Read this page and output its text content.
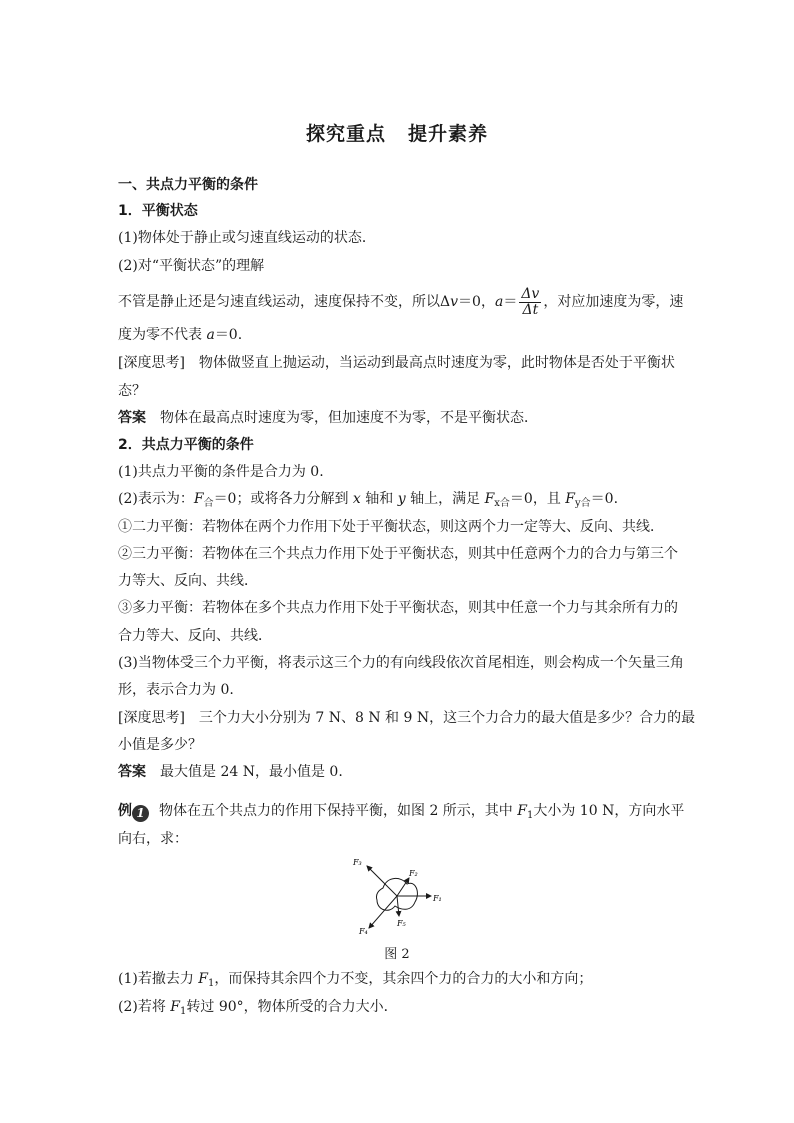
探究重点 提升素养
一、共点力平衡的条件
1．平衡状态
(1)物体处于静止或匀速直线运动的状态．
(2)对“平衡状态”的理解
不管是静止还是匀速直线运动，速度保持不变，所以Δv＝0，$a= \frac{\Delta v}{\Delta t}$ ，对应加速度为零，速
度为零不代表 a＝0.
[深度思考]　物体做竖直上抛运动，当运动到最高点时速度为零，此时物体是否处于平衡状
态？
答案　 物体在最高点时速度为零，但加速度不为零，不是平衡状态．
2．共点力平衡的条件
(1)共点力平衡的条件是合力为 0.
(2)表示为：$F_合=0$；或将各力分解到 x 轴和 y 轴上，满足 $F_{x合}=0$，且 $F_{y合}=0$.
①二力平衡：若物体在两个力作用下处于平衡状态，则这两个力一定等大、反向、共线．
②三力平衡：若物体在三个共点力作用下处于平衡状态，则其中任意两个力的合力与第三个
力等大、反向、共线．
③多力平衡：若物体在多个共点力作用下处于平衡状态，则其中任意一个力与其余所有力的
合力等大、反向、共线．
(3)当物体受三个力平衡，将表示这三个力的有向线段依次首尾相连，则会构成一个矢量三角
形，表示合力为 0.
[深度思考]　三个力大小分别为 7 N、8 N 和 9 N，这三个力合力的最大值是多少？合力的最
小值是多少？
答案　 最大值是 24 N，最小值是 0.
例 1 物体在五个共点力的作用下保持平衡，如图 2 所示，其中 $F_1$大小为 10 N，方向水平
向右，求：
F₁
F₂
F₃
F₄
F₅
图 2
(1)若撤去力 $F_1$，而保持其余四个力不变，其余四个力的合力的大小和方向；
(2)若将 $F_1$转过 90°，物体所受的合力大小．
